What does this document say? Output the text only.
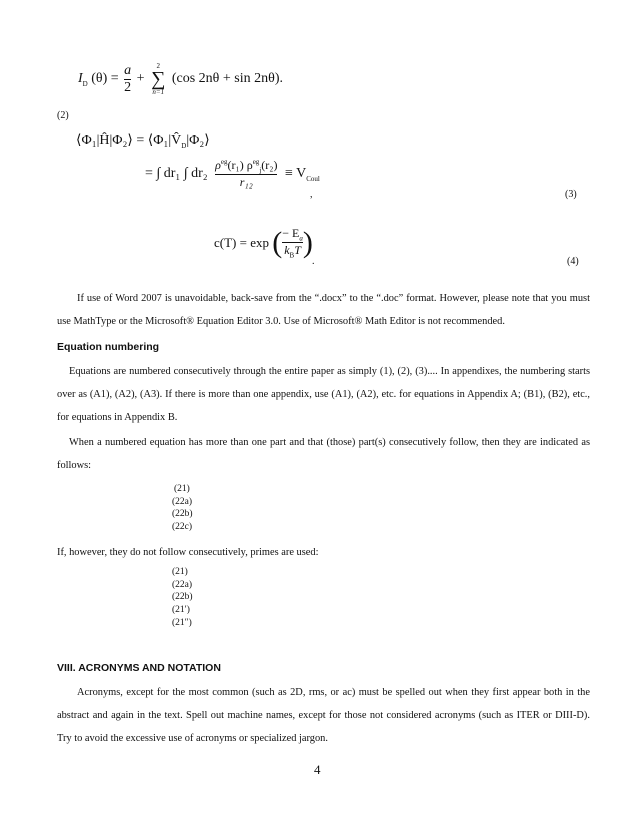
$I_D$ $(\theta) = \frac{a}{2}$ +
2
∑
n=1
(cos 2nθ + sin 2nθ).
(2)
⟨Φ₁|Ĥ|Φ₂⟩ = $⟨\Phi_1|V̂_D|\Phi_2⟩$
= ∫ dr₁ ∫ $dr_2 \frac{\rho^{eg}(r_1) \rho^{eg}_j(r_2)}{\text{r₁₂}} \equiv V_{Coul}$
,	(3)
c(T) = exp ( $\frac{- E_a}{k_BT}$ )
.	(4)

If use of Word 2007 is unavoidable, back-save from the “.docx” to the “.doc” format. However, please note that you must use MathType or the Microsoft® Equation Editor 3.0. Use of Microsoft® Math Editor is not recommended.

Equation numbering

Equations are numbered consecutively through the entire paper as simply (1), (2), (3).... In appendixes, the numbering starts over as (A1), (A2), (A3). If there is more than one appendix, use (A1), (A2), etc. for equations in Appendix A; (B1), (B2), etc., for equations in Appendix B.

When a numbered equation has more than one part and that (those) part(s) consecutively follow, then they are indicated as follows:

(21)
(22a)
(22b)
(22c)

If, however, they do not follow consecutively, primes are used:

(21)
(22a)
(22b)
(21′)
(21″)
VIII. ACRONYMS AND NOTATION

Acronyms, except for the most common (such as 2D, rms, or ac) must be spelled out when they first appear both in the abstract and again in the text. Spell out machine names, except for those not considered acronyms (such as ITER or DIII-D). Try to avoid the excessive use of acronyms or specialized jargon.

4
